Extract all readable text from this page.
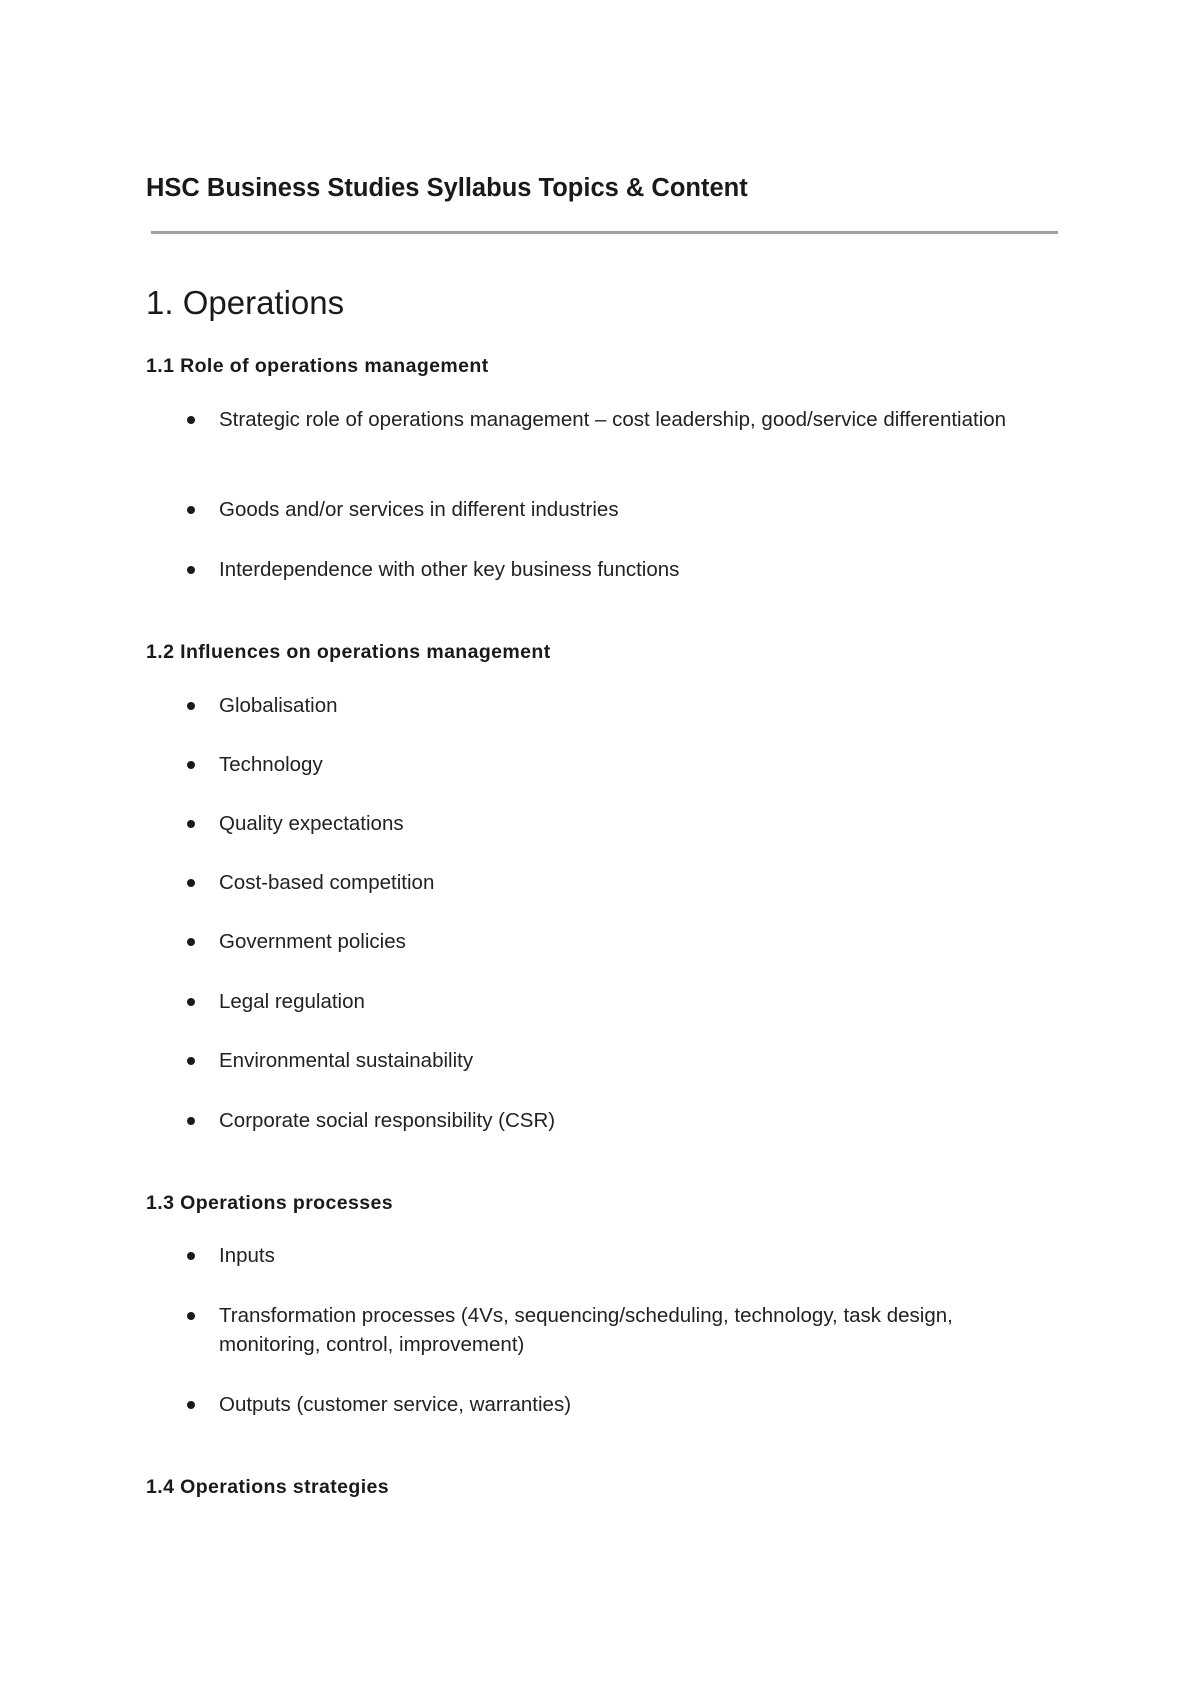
HSC Business Studies Syllabus Topics & Content
1. Operations
1.1 Role of operations management
Strategic role of operations management – cost leadership, good/service differentiation
Goods and/or services in different industries
Interdependence with other key business functions
1.2 Influences on operations management
Globalisation
Technology
Quality expectations
Cost-based competition
Government policies
Legal regulation
Environmental sustainability
Corporate social responsibility (CSR)
1.3 Operations processes
Inputs
Transformation processes (4Vs, sequencing/scheduling, technology, task design, monitoring, control, improvement)
Outputs (customer service, warranties)
1.4 Operations strategies
